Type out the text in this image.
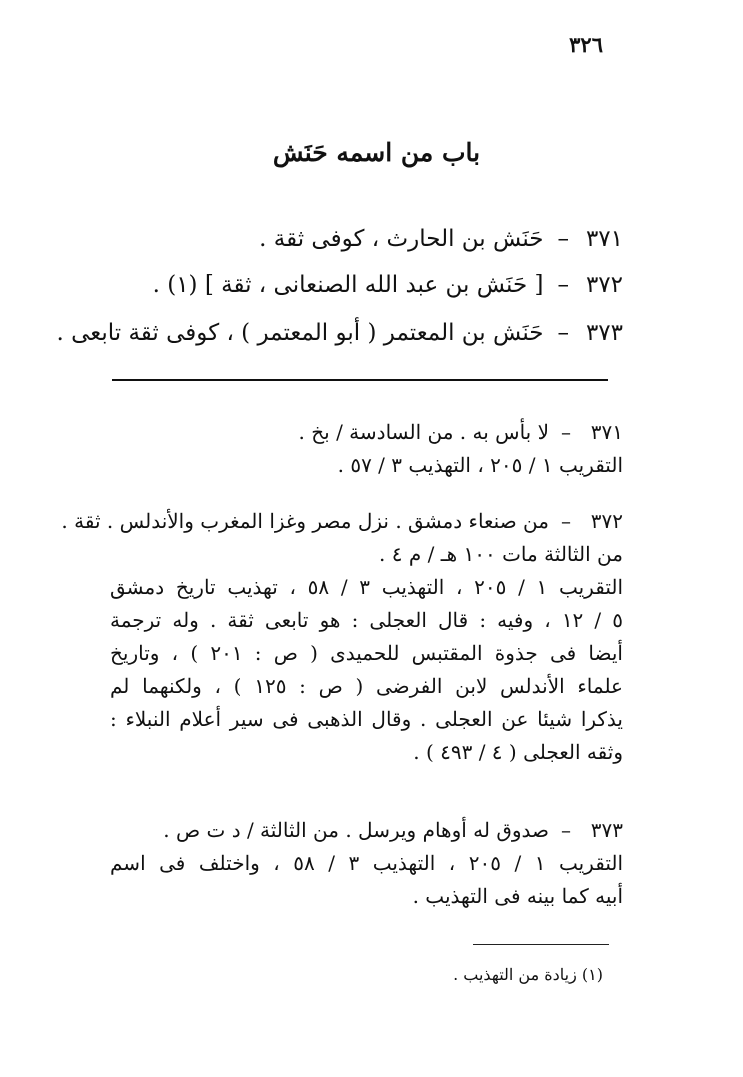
٣٢٦
باب من اسمه حَنَش
٣٧١–حَنَش بن الحارث ، كوفى ثقة .
٣٧٢–[ حَنَش بن عبد الله الصنعانى ، ثقة ] (١) .
٣٧٣–حَنَش بن المعتمر ( أبو المعتمر ) ، كوفى ثقة تابعى .
٣٧١
–
لا بأس به . من السادسة / بخ .
التقريب ١ / ٢٠٥ ، التهذيب ٣ / ٥٧ .
٣٧٢
–
من صنعاء دمشق . نزل مصر وغزا المغرب والأندلس . ثقة .
من الثالثة مات ١٠٠ هـ / م ٤ .
التقريب ١ / ٢٠٥ ، التهذيب ٣ / ٥٨ ، تهذيب تاريخ دمشق
٥ / ١٢ ، وفيه : قال العجلى : هو تابعى ثقة . وله ترجمة
أيضا فى جذوة المقتبس للحميدى ( ص : ٢٠١ ) ، وتاريخ
علماء الأندلس لابن الفرضى ( ص : ١٢٥ ) ، ولكنهما لم
يذكرا شيئا عن العجلى . وقال الذهبى فى سير أعلام النبلاء :
وثقه العجلى ( ٤ / ٤٩٣ ) .
٣٧٣
–
صدوق له أوهام ويرسل . من الثالثة / د ت ص .
التقريب ١ / ٢٠٥ ، التهذيب ٣ / ٥٨ ، واختلف فى اسم
أبيه كما بينه فى التهذيب .
(١) زيادة من التهذيب .
